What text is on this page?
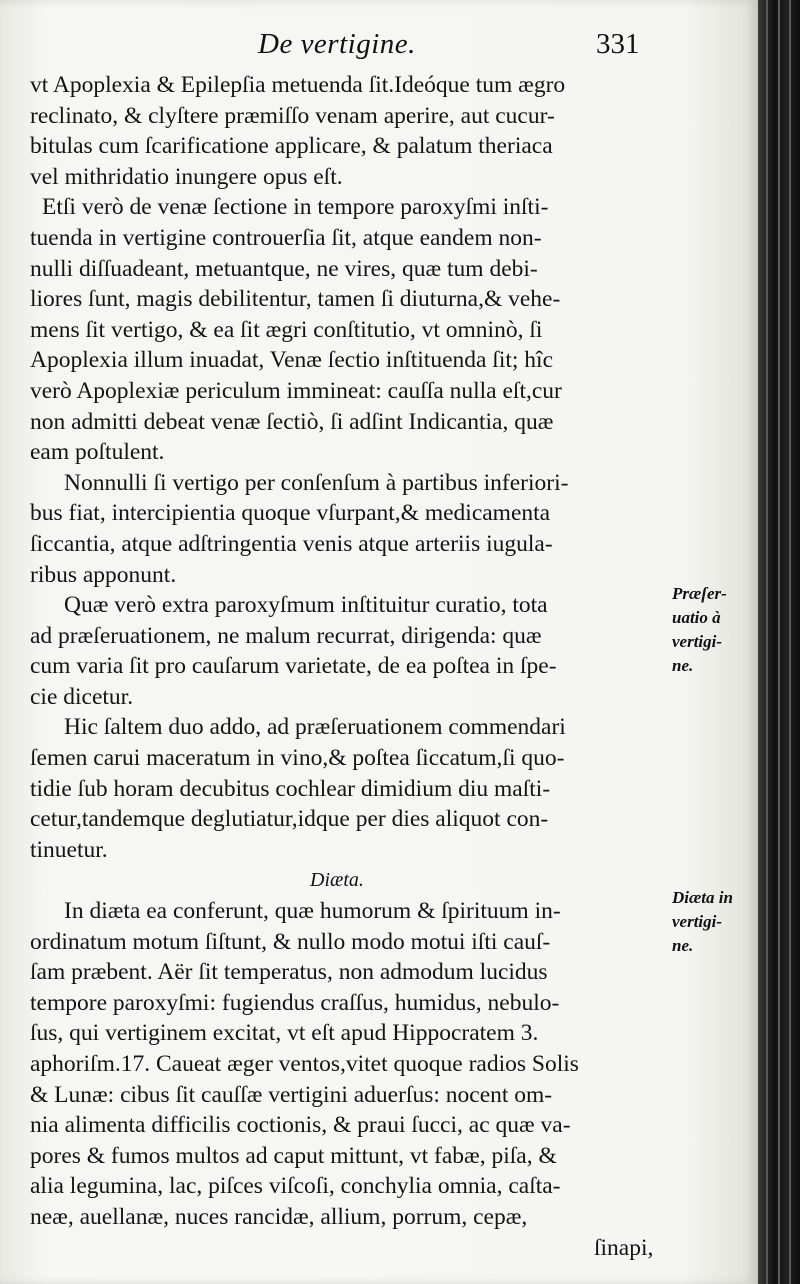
De vertigine.	331
vt Apoplexia & Epilepſia metuenda ſit.Ideóque tum ægro
reclinato, & clyſtere præmiſſo venam aperire, aut cucur-
bitulas cum ſcarificatione applicare, & palatum theriaca
vel mithridatio inungere opus eſt.
Etſi verò de venæ ſectione in tempore paroxyſmi inſti-
tuenda in vertigine controuerſia ſit, atque eandem non-
nulli diſſuadeant, metuantque, ne vires, quæ tum debi-
liores ſunt, magis debilitentur, tamen ſi diuturna,& vehe-
mens ſit vertigo, & ea ſit ægri conſtitutio, vt omninò, ſi
Apoplexia illum inuadat, Venæ ſectio inſtituenda ſit; hîc
verò Apoplexiæ periculum immineat: cauſſa nulla eſt,cur
non admitti debeat venæ ſectiò, ſi adſint Indicantia, quæ
eam poſtulent.
Nonnulli ſi vertigo per conſenſum à partibus inferiori-
bus fiat, intercipientia quoque vſurpant,& medicamenta
ſiccantia, atque adſtringentia venis atque arteriis iugula-
ribus apponunt.
Quæ verò extra paroxyſmum inſtituitur curatio, tota
ad præſeruationem, ne malum recurrat, dirigenda: quæ
cum varia ſit pro cauſarum varietate, de ea poſtea in ſpe-
cie dicetur.
Hic ſaltem duo addo, ad præſeruationem commendari
ſemen carui maceratum in vino,& poſtea ſiccatum,ſi quo-
tidie ſub horam decubitus cochlear dimidium diu maſti-
cetur,tandemque deglutiatur,idque per dies aliquot con-
tinuetur.
Diæta.
In diæta ea conferunt, quæ humorum & ſpirituum in-
ordinatum motum ſiſtunt, & nullo modo motui iſti cauſ-
ſam præbent. Aër ſit temperatus, non admodum lucidus
tempore paroxyſmi: fugiendus craſſus, humidus, nebulo-
ſus, qui vertiginem excitat, vt eſt apud Hippocratem 3.
aphoriſm.17. Caueat æger ventos,vitet quoque radios Solis
& Lunæ: cibus ſit cauſſæ vertigini aduerſus: nocent om-
nia alimenta difficilis coctionis, & praui ſucci, ac quæ va-
pores & fumos multos ad caput mittunt, vt fabæ, piſa, &
alia legumina, lac, piſces viſcoſi, conchylia omnia, caſta-
neæ, auellanæ, nuces rancidæ, allium, porrum, cepæ,
ſinapi,
Præſer-
uatio à
vertigi-
ne.
Diæta in
vertigi-
ne.
